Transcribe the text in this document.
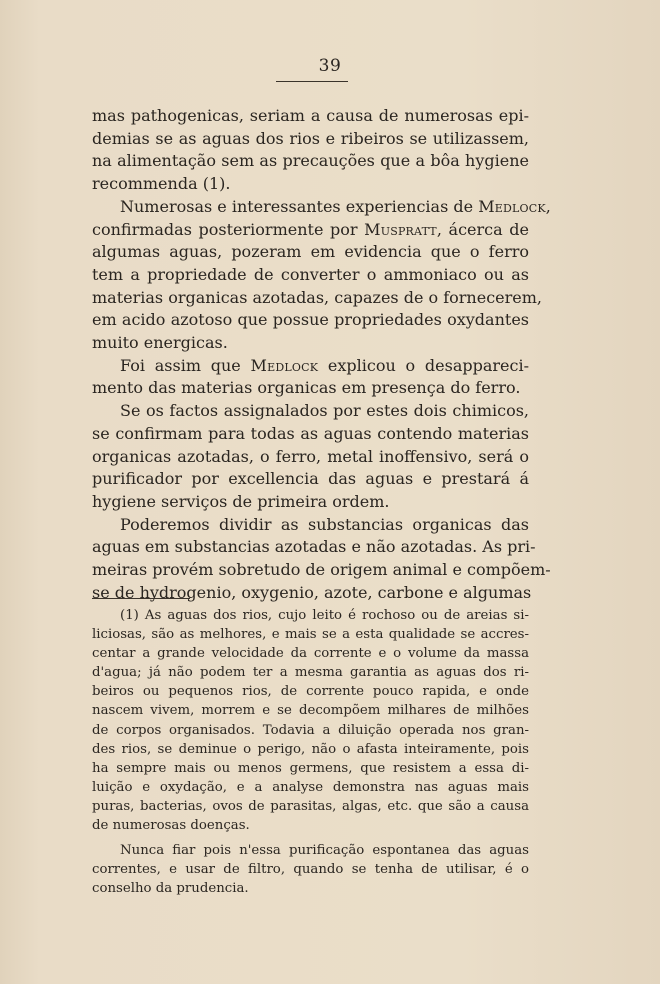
39
mas pathogenicas, seriam a causa de numerosas epi-
demias se as aguas dos rios e ribeiros se utilizassem,
na alimentação sem as precauções que a bôa hygiene
recommenda (1).
Numerosas e interessantes experiencias de Medlock,
confirmadas posteriormente por Muspratt, ácerca de
algumas aguas, pozeram em evidencia que o ferro
tem a propriedade de converter o ammoniaco ou as
materias organicas azotadas, capazes de o fornecerem,
em acido azotoso que possue propriedades oxydantes
muito energicas.
Foi assim que Medlock explicou o desappareci-
mento das materias organicas em presença do ferro.
Se os factos assignalados por estes dois chimicos,
se confirmam para todas as aguas contendo materias
organicas azotadas, o ferro, metal inoffensivo, será o
purificador por excellencia das aguas e prestará á
hygiene serviços de primeira ordem.
Poderemos dividir as substancias organicas das
aguas em substancias azotadas e não azotadas. As pri-
meiras provém sobretudo de origem animal e compõem-
se de hydrogenio, oxygenio, azote, carbone e algumas
(1) As aguas dos rios, cujo leito é rochoso ou de areias si-
liciosas, são as melhores, e mais se a esta qualidade se accres-
centar a grande velocidade da corrente e o volume da massa
d'agua; já não podem ter a mesma garantia as aguas dos ri-
beiros ou pequenos rios, de corrente pouco rapida, e onde
nascem vivem, morrem e se decompõem milhares de milhões
de corpos organisados. Todavia a diluição operada nos gran-
des rios, se deminue o perigo, não o afasta inteiramente, pois
ha sempre mais ou menos germens, que resistem a essa di-
luição e oxydação, e a analyse demonstra nas aguas mais
puras, bacterias, ovos de parasitas, algas, etc. que são a causa
de numerosas doenças.
Nunca fiar pois n'essa purificação espontanea das aguas
correntes, e usar de filtro, quando se tenha de utilisar, é o
conselho da prudencia.
